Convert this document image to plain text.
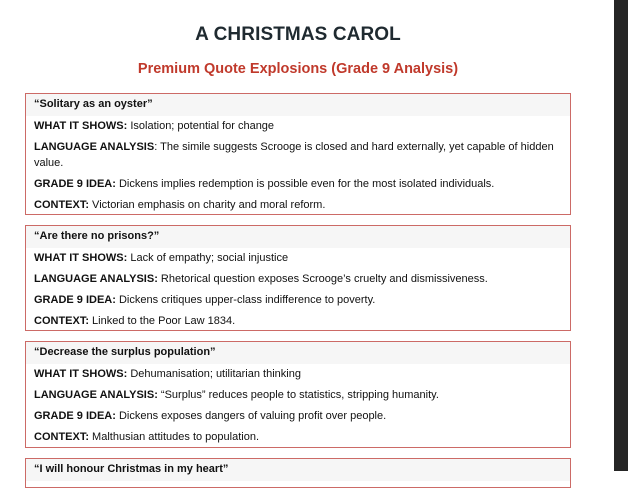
A CHRISTMAS CAROL
Premium Quote Explosions (Grade 9 Analysis)
“Solitary as an oyster”
WHAT IT SHOWS: Isolation; potential for change
LANGUAGE ANALYSIS: The simile suggests Scrooge is closed and hard externally, yet capable of hidden value.
GRADE 9 IDEA: Dickens implies redemption is possible even for the most isolated individuals.
CONTEXT: Victorian emphasis on charity and moral reform.
“Are there no prisons?”
WHAT IT SHOWS: Lack of empathy; social injustice
LANGUAGE ANALYSIS: Rhetorical question exposes Scrooge’s cruelty and dismissiveness.
GRADE 9 IDEA: Dickens critiques upper-class indifference to poverty.
CONTEXT: Linked to the Poor Law 1834.
“Decrease the surplus population”
WHAT IT SHOWS: Dehumanisation; utilitarian thinking
LANGUAGE ANALYSIS: “Surplus” reduces people to statistics, stripping humanity.
GRADE 9 IDEA: Dickens exposes dangers of valuing profit over people.
CONTEXT: Malthusian attitudes to population.
“I will honour Christmas in my heart”
